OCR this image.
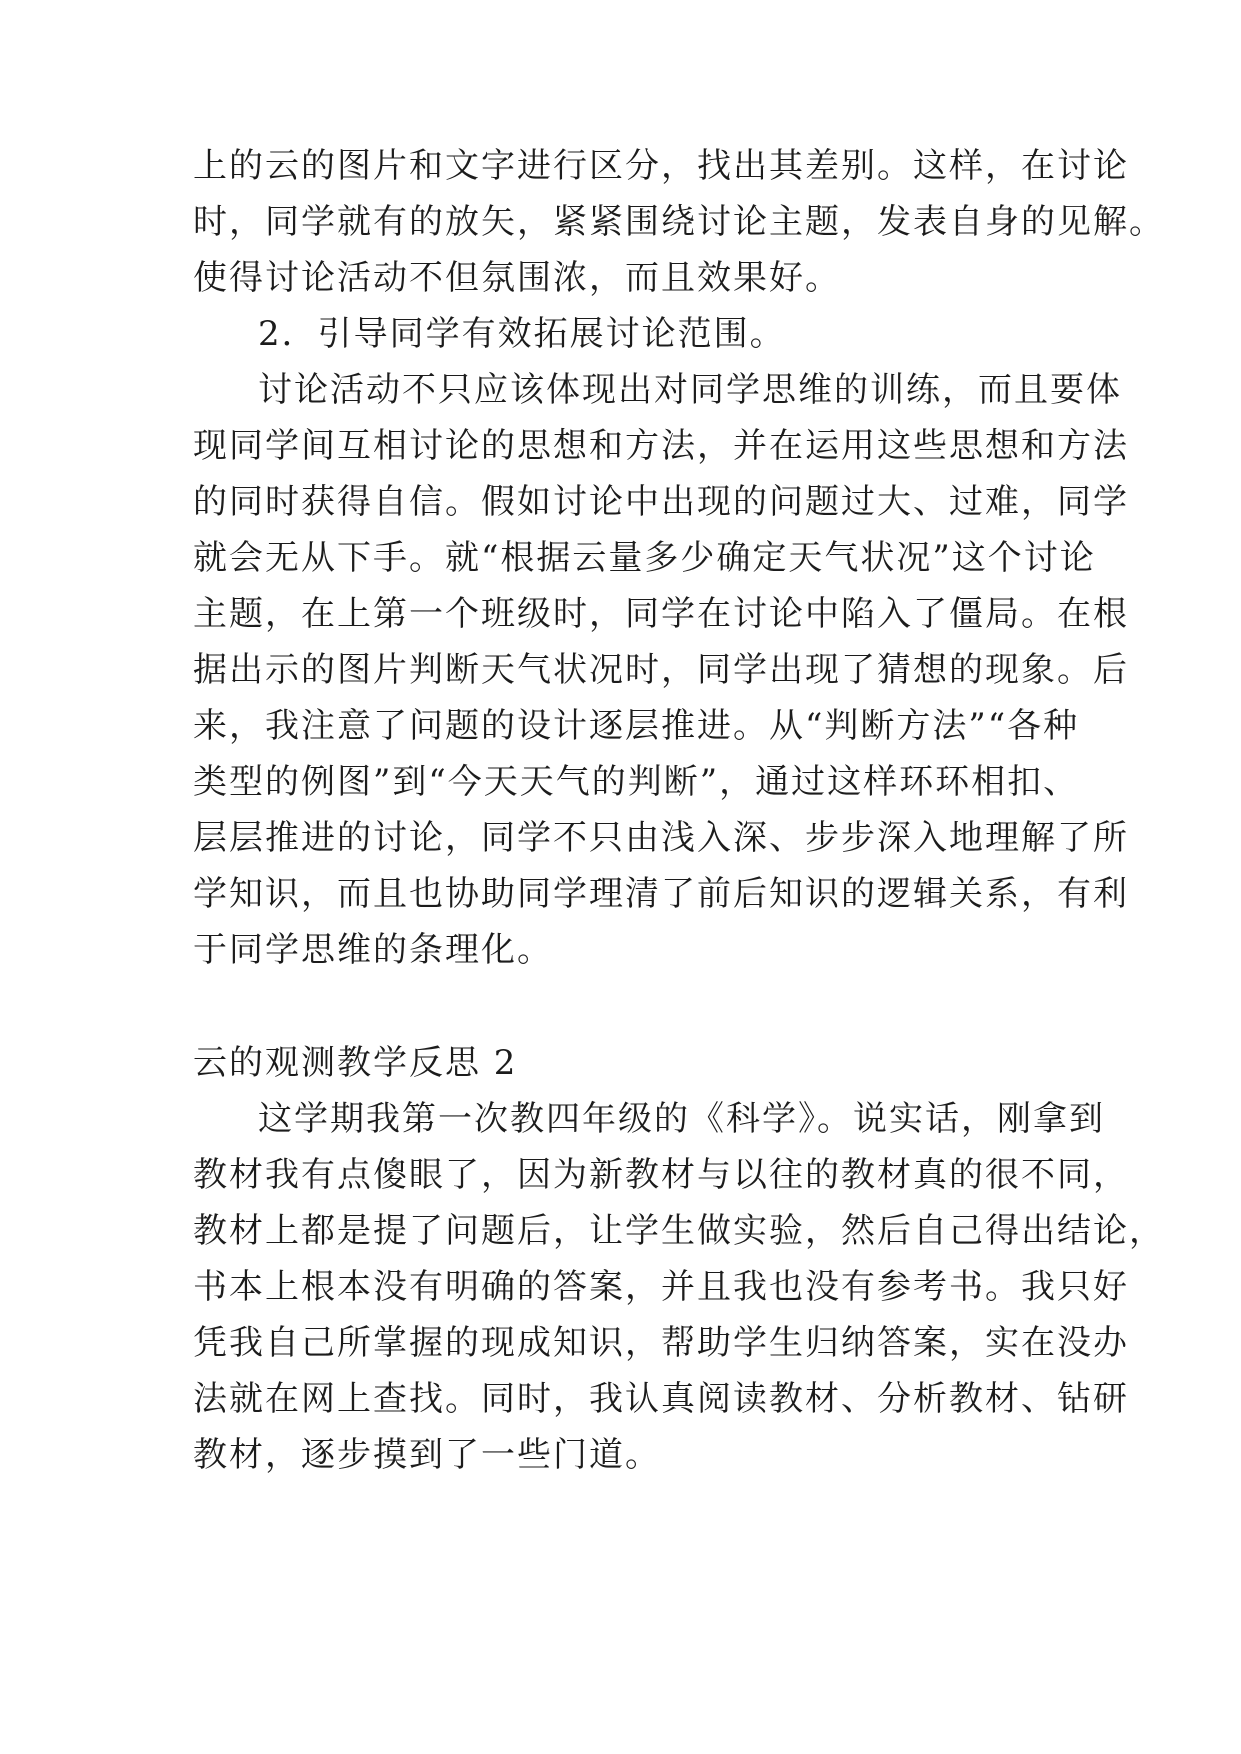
上的云的图片和文字进行区分，找出其差别。这样，在讨论
时，同学就有的放矢，紧紧围绕讨论主题，发表自身的见解。
使得讨论活动不但氛围浓，而且效果好。
2．引导同学有效拓展讨论范围。
讨论活动不只应该体现出对同学思维的训练，而且要体
现同学间互相讨论的思想和方法，并在运用这些思想和方法
的同时获得自信。假如讨论中出现的问题过大、过难，同学
就会无从下手。就“根据云量多少确定天气状况”这个讨论
主题，在上第一个班级时，同学在讨论中陷入了僵局。在根
据出示的图片判断天气状况时，同学出现了猜想的现象。后
来，我注意了问题的设计逐层推进。从“判断方法”“各种
类型的例图”到“今天天气的判断”，通过这样环环相扣、
层层推进的讨论，同学不只由浅入深、步步深入地理解了所
学知识，而且也协助同学理清了前后知识的逻辑关系，有利
于同学思维的条理化。
云的观测教学反思 2
这学期我第一次教四年级的《科学》。说实话，刚拿到
教材我有点傻眼了，因为新教材与以往的教材真的很不同，
教材上都是提了问题后，让学生做实验，然后自己得出结论，
书本上根本没有明确的答案，并且我也没有参考书。我只好
凭我自己所掌握的现成知识，帮助学生归纳答案，实在没办
法就在网上查找。同时，我认真阅读教材、分析教材、钻研
教材，逐步摸到了一些门道。
